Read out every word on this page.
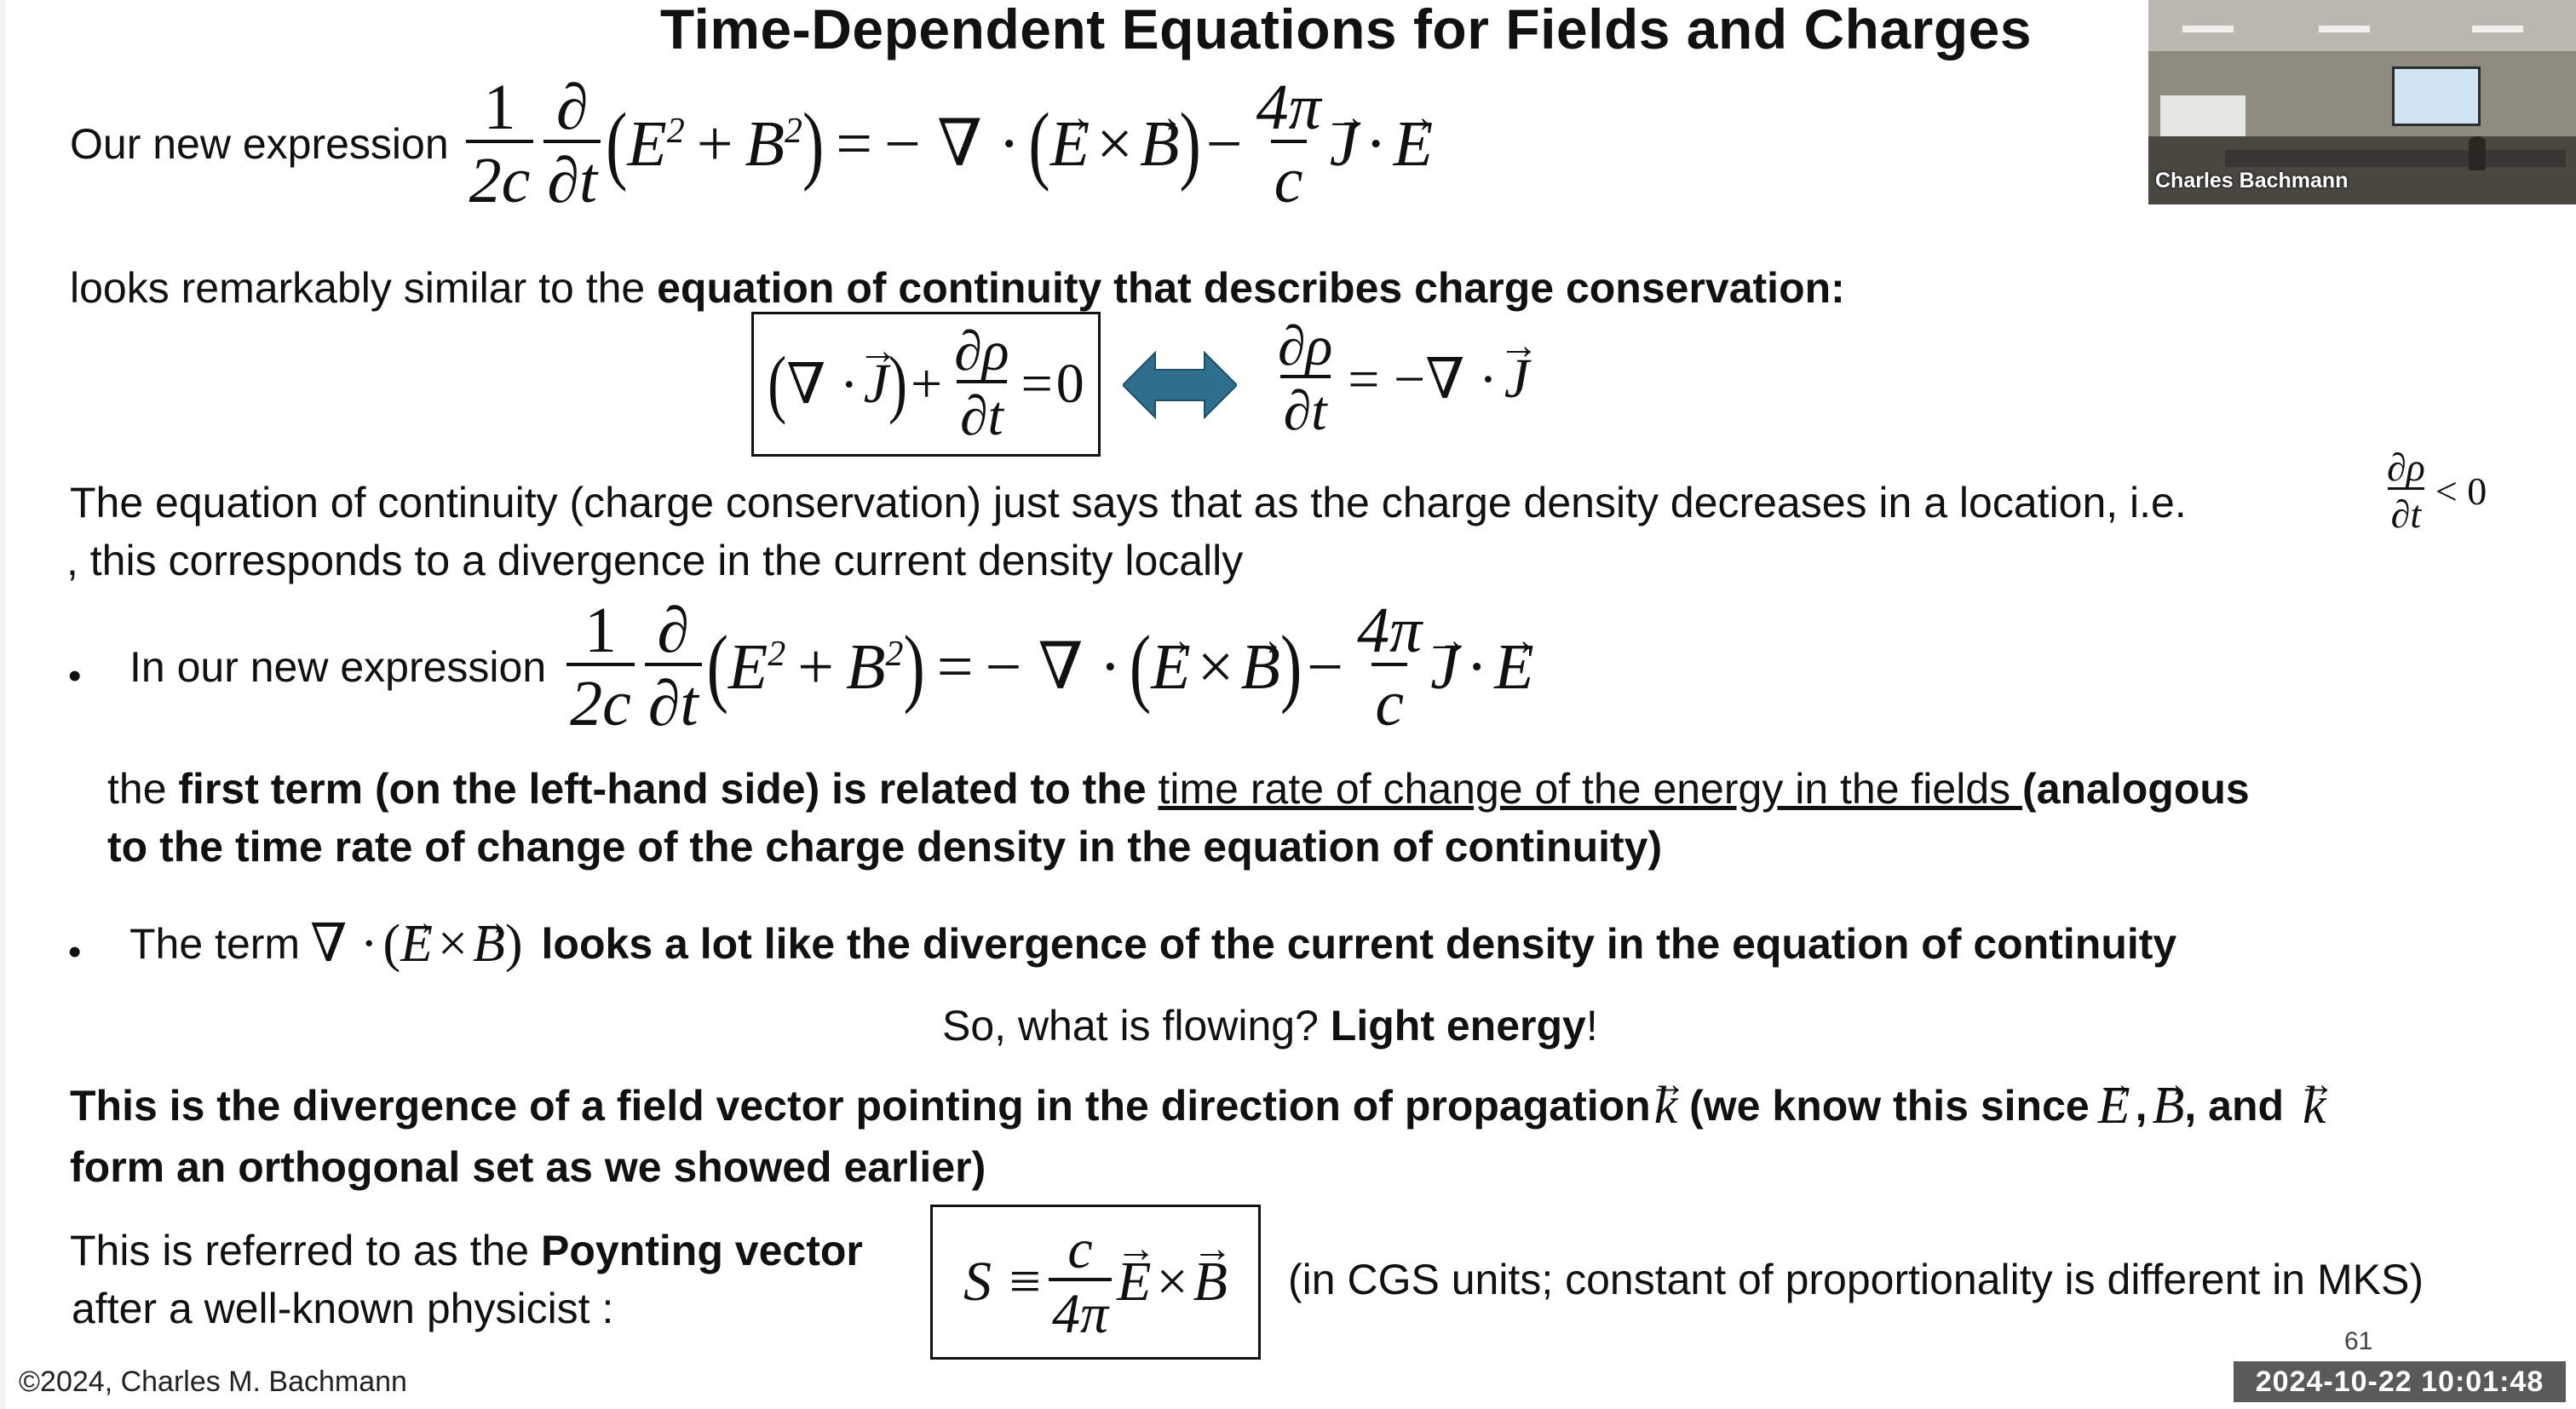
Time-Dependent Equations for Fields and Charges
Charles Bachmann
Our new expression $\frac{1}{2c} \frac{\partial}{\partial t}$ ( $E^2 + B^2$ ) = − ∇ · (
→ E ×
→ B ) − $\frac{4\pi}{c}$
→ J ·
→ E
looks remarkably similar to the equation of continuity that describes charge conservation:
( ∇ ·
→ J ) + $\frac{\partial\rho}{\partial t} = 0$	$\frac{\partial\rho}{\partial t}$ = −∇ ·
→ J
The equation of continuity (charge conservation) just says that as the charge density decreases in a location, i.e.	$\frac{\partial\rho}{\partial t} < 0$
, this corresponds to a divergence in the current density locally
• In our new expression $\frac{1}{2c} \frac{\partial}{\partial t}$ ( $E^2 + B^2$ ) = − ∇ · (
→ E ×
→ B ) − $\frac{4\pi}{c}$
→ J ·
→ E
the first term (on the left-hand side) is related to the time rate of change of the energy in the fields (analogous
to the time rate of change of the charge density in the equation of continuity)
• The term ∇ · (
→ E ×
→ B ) looks a lot like the divergence of the current density in the equation of continuity
So, what is flowing? Light energy!
This is the divergence of a field vector pointing in the direction of propagation
→ k (we know this since
→ E ,
→ B , and
→ k
form an orthogonal set as we showed earlier)
This is referred to as the Poynting vector
after a well-known physicist :	$S \equiv \frac{c}{4\pi}$
→ E ×
→ B (in CGS units; constant of proportionality is different in MKS)
©2024, Charles M. Bachmann
61
2024-10-22 10:01:48
